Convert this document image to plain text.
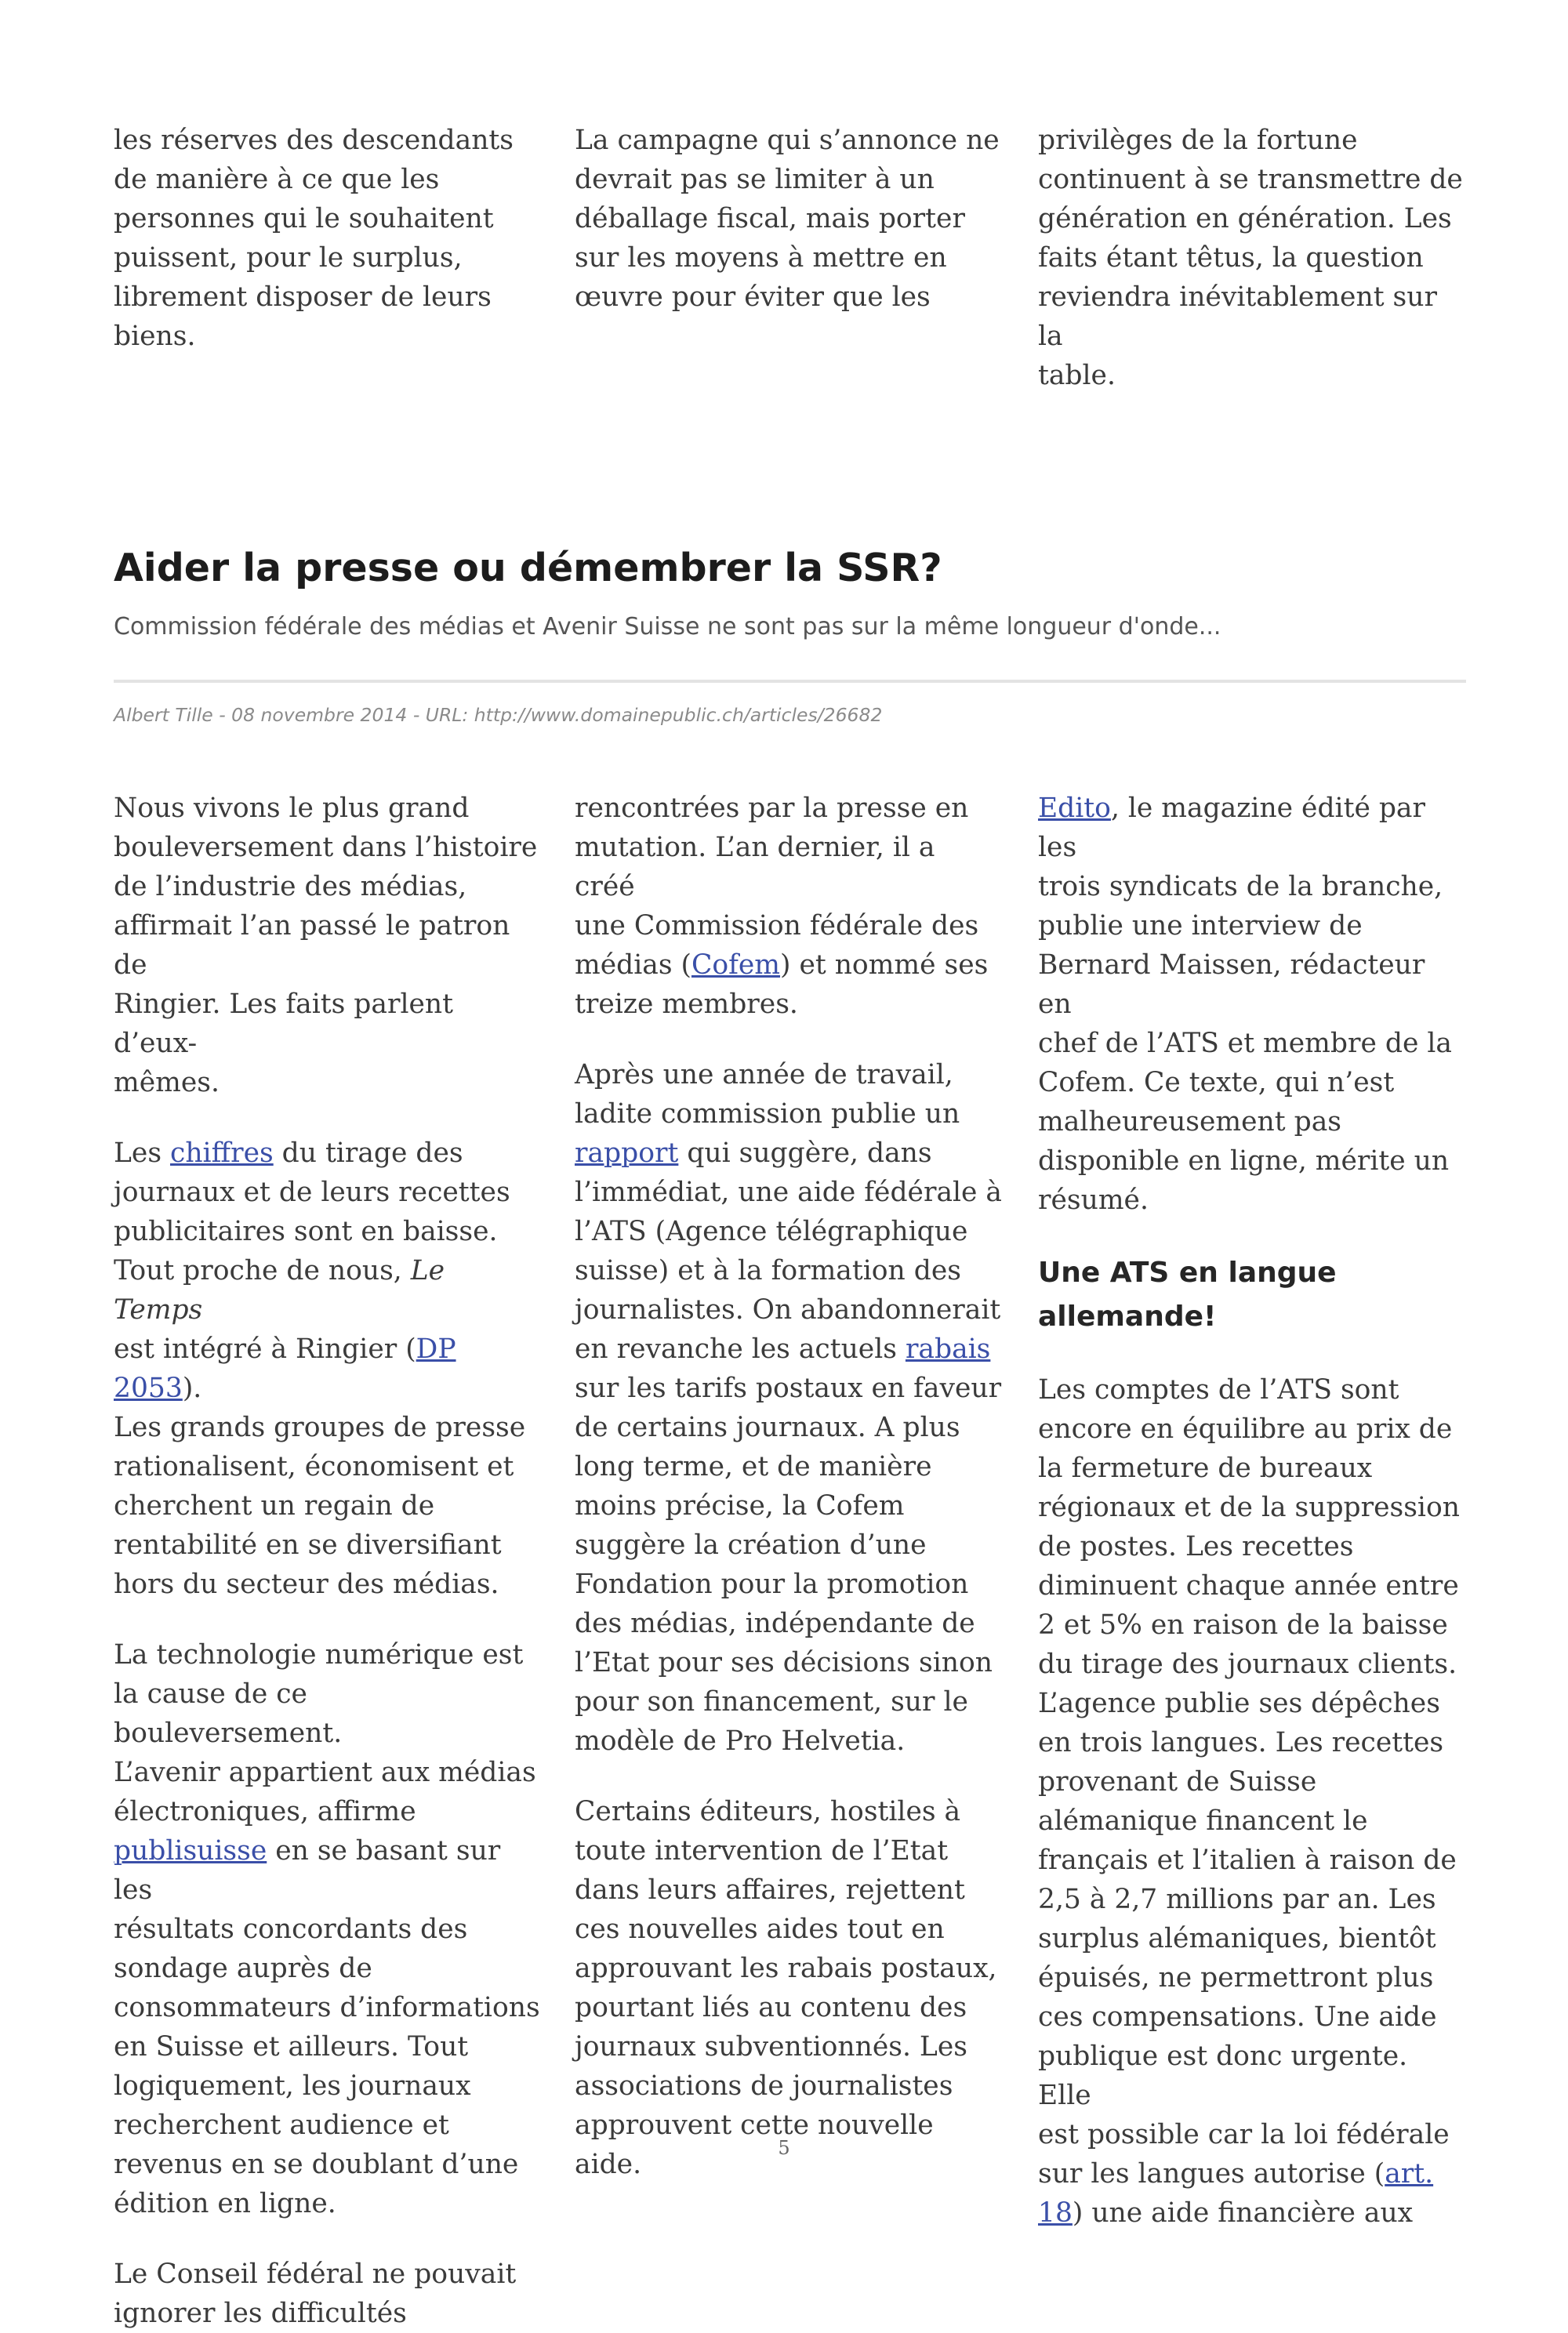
les réserves des descendants
de manière à ce que les
personnes qui le souhaitent
puissent, pour le surplus,
librement disposer de leurs
biens.

La campagne qui s’annonce ne
devrait pas se limiter à un
déballage fiscal, mais porter
sur les moyens à mettre en
œuvre pour éviter que les

privilèges de la fortune
continuent à se transmettre de
génération en génération. Les
faits étant têtus, la question
reviendra inévitablement sur la
table.

Aider la presse ou démembrer la SSR?

Commission fédérale des médias et Avenir Suisse ne sont pas sur la même longueur d'onde...

Albert Tille - 08 novembre 2014 - URL: http://www.domainepublic.ch/articles/26682

Nous vivons le plus grand
bouleversement dans l’histoire
de l’industrie des médias,
affirmait l’an passé le patron de
Ringier. Les faits parlent d’eux-
mêmes.

Les chiffres du tirage des
journaux et de leurs recettes
publicitaires sont en baisse.
Tout proche de nous, Le Temps
est intégré à Ringier (DP 2053).
Les grands groupes de presse
rationalisent, économisent et
cherchent un regain de
rentabilité en se diversifiant
hors du secteur des médias.

La technologie numérique est
la cause de ce bouleversement.
L’avenir appartient aux médias
électroniques, affirme
publisuisse en se basant sur les
résultats concordants des
sondage auprès de
consommateurs d’informations
en Suisse et ailleurs. Tout
logiquement, les journaux
recherchent audience et
revenus en se doublant d’une
édition en ligne.

Le Conseil fédéral ne pouvait
ignorer les difficultés

rencontrées par la presse en
mutation. L’an dernier, il a créé
une Commission fédérale des
médias (Cofem) et nommé ses
treize membres.

Après une année de travail,
ladite commission publie un
rapport qui suggère, dans
l’immédiat, une aide fédérale à
l’ATS (Agence télégraphique
suisse) et à la formation des
journalistes. On abandonnerait
en revanche les actuels rabais
sur les tarifs postaux en faveur
de certains journaux. A plus
long terme, et de manière
moins précise, la Cofem
suggère la création d’une
Fondation pour la promotion
des médias, indépendante de
l’Etat pour ses décisions sinon
pour son financement, sur le
modèle de Pro Helvetia.

Certains éditeurs, hostiles à
toute intervention de l’Etat
dans leurs affaires, rejettent
ces nouvelles aides tout en
approuvant les rabais postaux,
pourtant liés au contenu des
journaux subventionnés. Les
associations de journalistes
approuvent cette nouvelle aide.

Edito, le magazine édité par les
trois syndicats de la branche,
publie une interview de
Bernard Maissen, rédacteur en
chef de l’ATS et membre de la
Cofem. Ce texte, qui n’est
malheureusement pas
disponible en ligne, mérite un
résumé.

Une ATS en langue
allemande!

Les comptes de l’ATS sont
encore en équilibre au prix de
la fermeture de bureaux
régionaux et de la suppression
de postes. Les recettes
diminuent chaque année entre
2 et 5% en raison de la baisse
du tirage des journaux clients.
L’agence publie ses dépêches
en trois langues. Les recettes
provenant de Suisse
alémanique financent le
français et l’italien à raison de
2,5 à 2,7 millions par an. Les
surplus alémaniques, bientôt
épuisés, ne permettront plus
ces compensations. Une aide
publique est donc urgente. Elle
est possible car la loi fédérale
sur les langues autorise (art.
18) une aide financière aux

5
